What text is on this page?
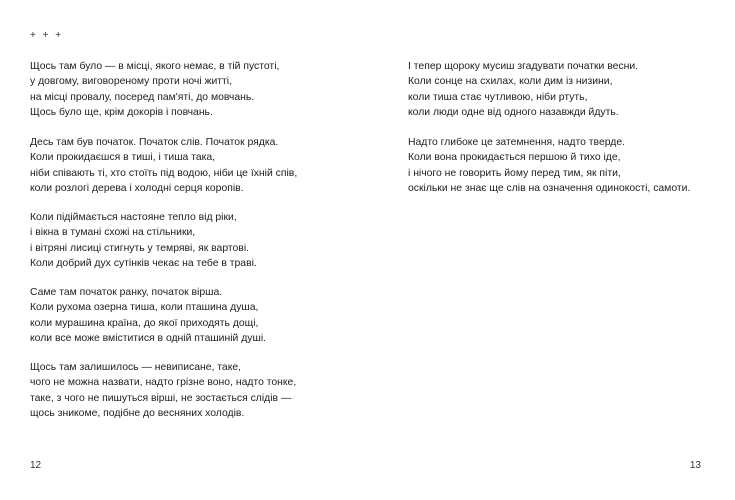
+ + +

Щось там було — в місці, якого немає, в тій пустоті,
у довгому, виговореному проти ночі житті,
на місці провалу, посеред пам'яті, до мовчань.
Щось було ще, крім докорів і повчань.
Десь там був початок. Початок слів. Початок рядка.
Коли прокидаєшся в тиші, і тиша така,
ніби співають ті, хто стоїть під водою, ніби це їхній спів,
коли розлогі дерева і холодні серця коропів.
Коли підіймається настояне тепло від ріки,
і вікна в тумані схожі на стільники,
і вітряні лисиці стигнуть у темряві, як вартові.
Коли добрий дух сутінків чекає на тебе в траві.
Саме там початок ранку, початок вірша.
Коли рухома озерна тиша, коли пташина душа,
коли мурашина країна, до якої приходять дощі,
коли все може вміститися в одній пташиній душі.
Щось там залишилось — невиписане, таке,
чого не можна назвати, надто грізне воно, надто тонке,
таке, з чого не пишуться вірші, не зостається слідів —
щось зникоме, подібне до весняних холодів.

12

І тепер щороку мусиш згадувати початки весни.
Коли сонце на схилах, коли дим із низини,
коли тиша стає чутливою, ніби ртуть,
коли люди одне від одного назавжди йдуть.
Надто глибоке це затемнення, надто тверде.
Коли вона прокидається першою й тихо іде,
і нічого не говорить йому перед тим, як піти,
оскільки не знає ще слів на означення одинокості, самоти.

13
